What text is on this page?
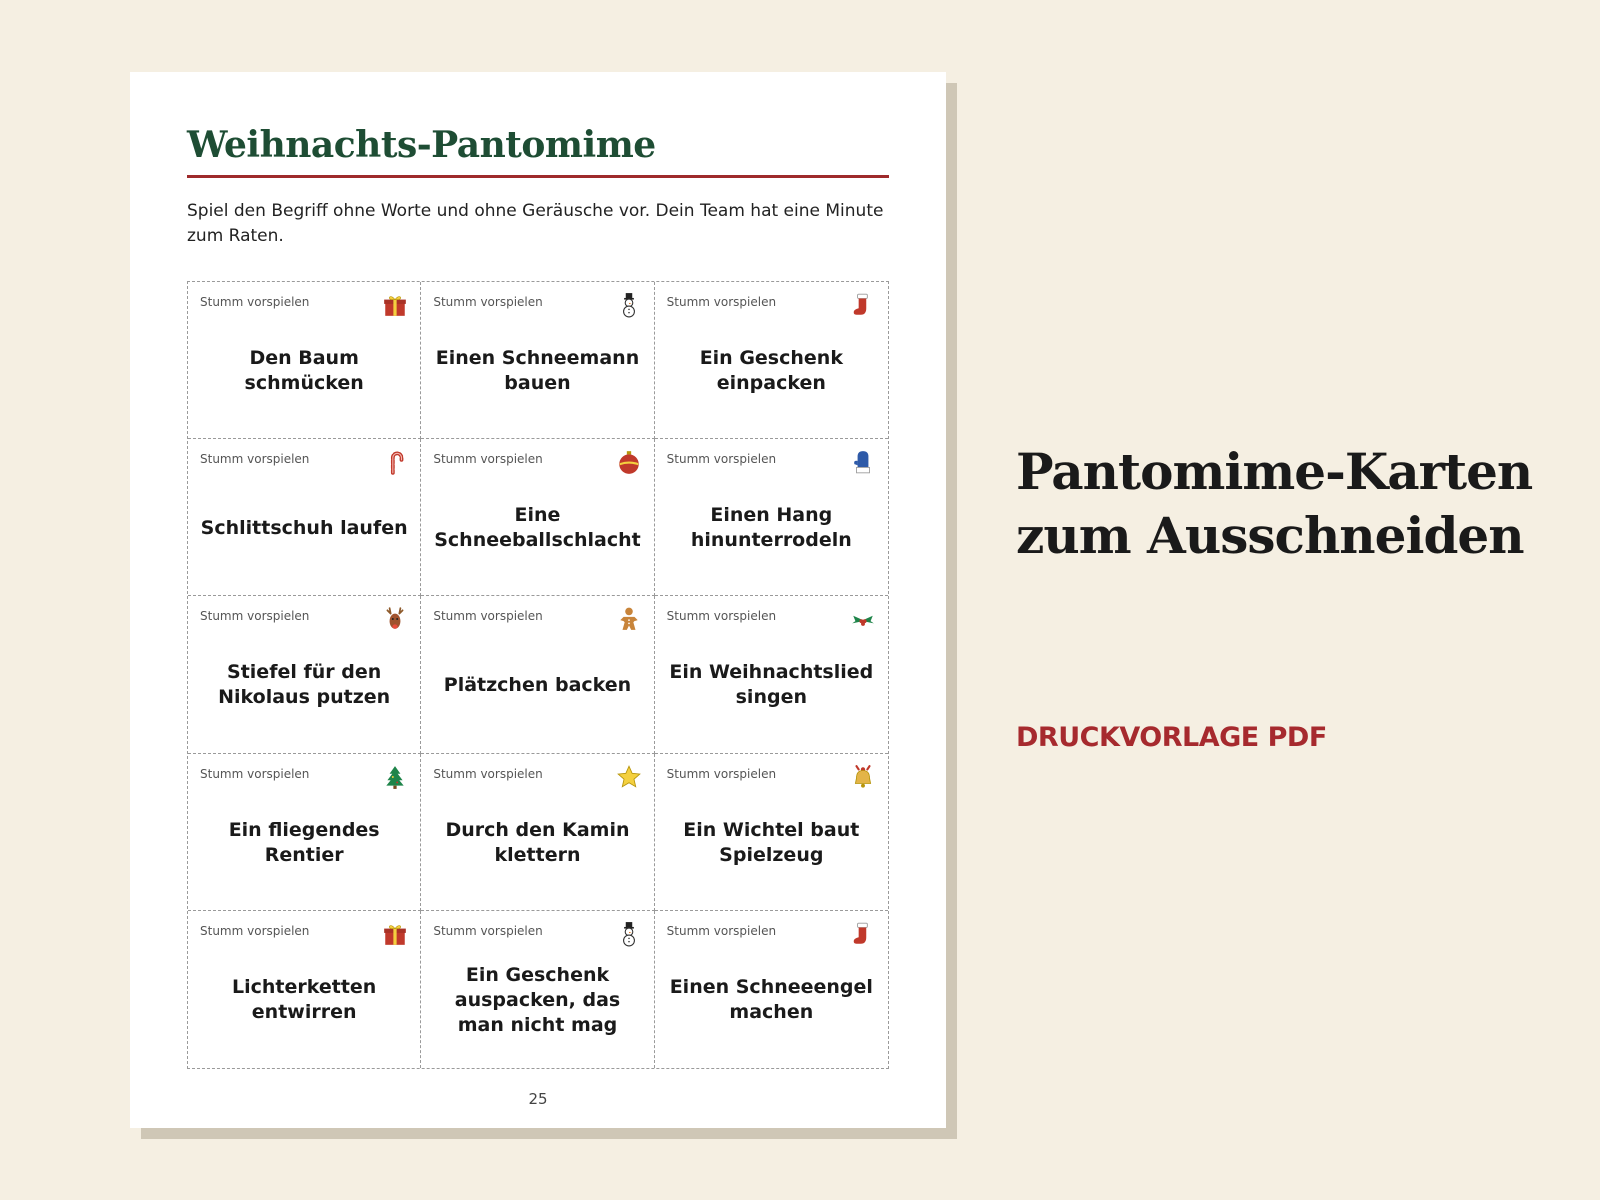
Weihnachts-Pantomime

Spiel den Begriff ohne Worte und ohne Geräusche vor. Dein Team hat eine Minute zum Raten.

Stumm vorspielen
Den Baum schmücken
Stumm vorspielen
Einen Schneemann bauen
Stumm vorspielen
Ein Geschenk einpacken
Stumm vorspielen
Schlittschuh laufen
Stumm vorspielen
Eine Schneeballschlacht
Stumm vorspielen
Einen Hang hinunterrodeln
Stumm vorspielen
Stiefel für den Nikolaus putzen
Stumm vorspielen
Plätzchen backen
Stumm vorspielen
Ein Weihnachtslied singen
Stumm vorspielen
Ein fliegendes Rentier
Stumm vorspielen
Durch den Kamin klettern
Stumm vorspielen
Ein Wichtel baut Spielzeug
Stumm vorspielen
Lichterketten entwirren
Stumm vorspielen
Ein Geschenk auspacken, das man nicht mag
Stumm vorspielen
Einen Schneeengel machen
25
Pantomime-Karten
zum Ausschneiden
DRUCKVORLAGE PDF
